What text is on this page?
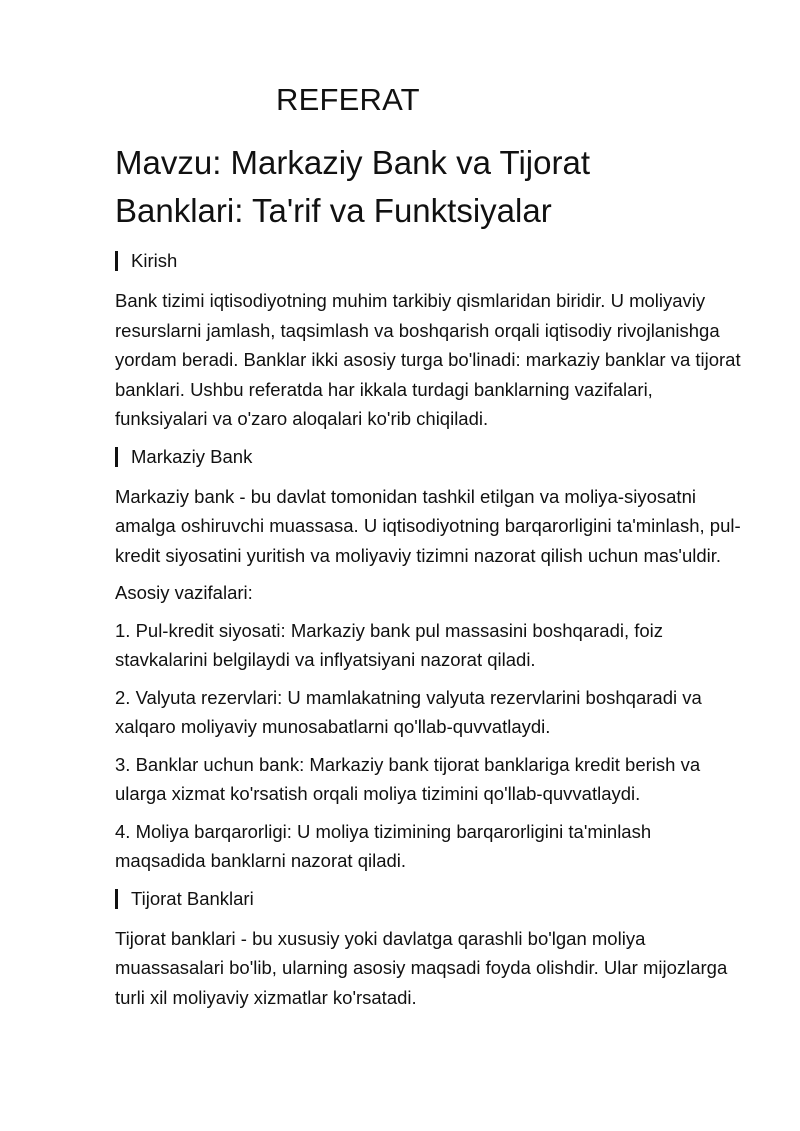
REFERAT
Mavzu: Markaziy Bank va Tijorat Banklari: Ta'rif va Funktsiyalar
Kirish

Bank tizimi iqtisodiyotning muhim tarkibiy qismlaridan biridir. U moliyaviy resurslarni jamlash, taqsimlash va boshqarish orqali iqtisodiy rivojlanishga yordam beradi. Banklar ikki asosiy turga bo'linadi: markaziy banklar va tijorat banklari. Ushbu referatda har ikkala turdagi banklarning vazifalari, funksiyalari va o'zaro aloqalari ko'rib chiqiladi.

Markaziy Bank

Markaziy bank - bu davlat tomonidan tashkil etilgan va moliya-siyosatni amalga oshiruvchi muassasa. U iqtisodiyotning barqarorligini ta'minlash, pul-kredit siyosatini yuritish va moliyaviy tizimni nazorat qilish uchun mas'uldir.

Asosiy vazifalari:

1. Pul-kredit siyosati: Markaziy bank pul massasini boshqaradi, foiz stavkalarini belgilaydi va inflyatsiyani nazorat qiladi.

2. Valyuta rezervlari: U mamlakatning valyuta rezervlarini boshqaradi va xalqaro moliyaviy munosabatlarni qo'llab-quvvatlaydi.

3. Banklar uchun bank: Markaziy bank tijorat banklariga kredit berish va ularga xizmat ko'rsatish orqali moliya tizimini qo'llab-quvvatlaydi.

4. Moliya barqarorligi: U moliya tizimining barqarorligini ta'minlash maqsadida banklarni nazorat qiladi.

Tijorat Banklari

Tijorat banklari - bu xususiy yoki davlatga qarashli bo'lgan moliya muassasalari bo'lib, ularning asosiy maqsadi foyda olishdir. Ular mijozlarga turli xil moliyaviy xizmatlar ko'rsatadi.
